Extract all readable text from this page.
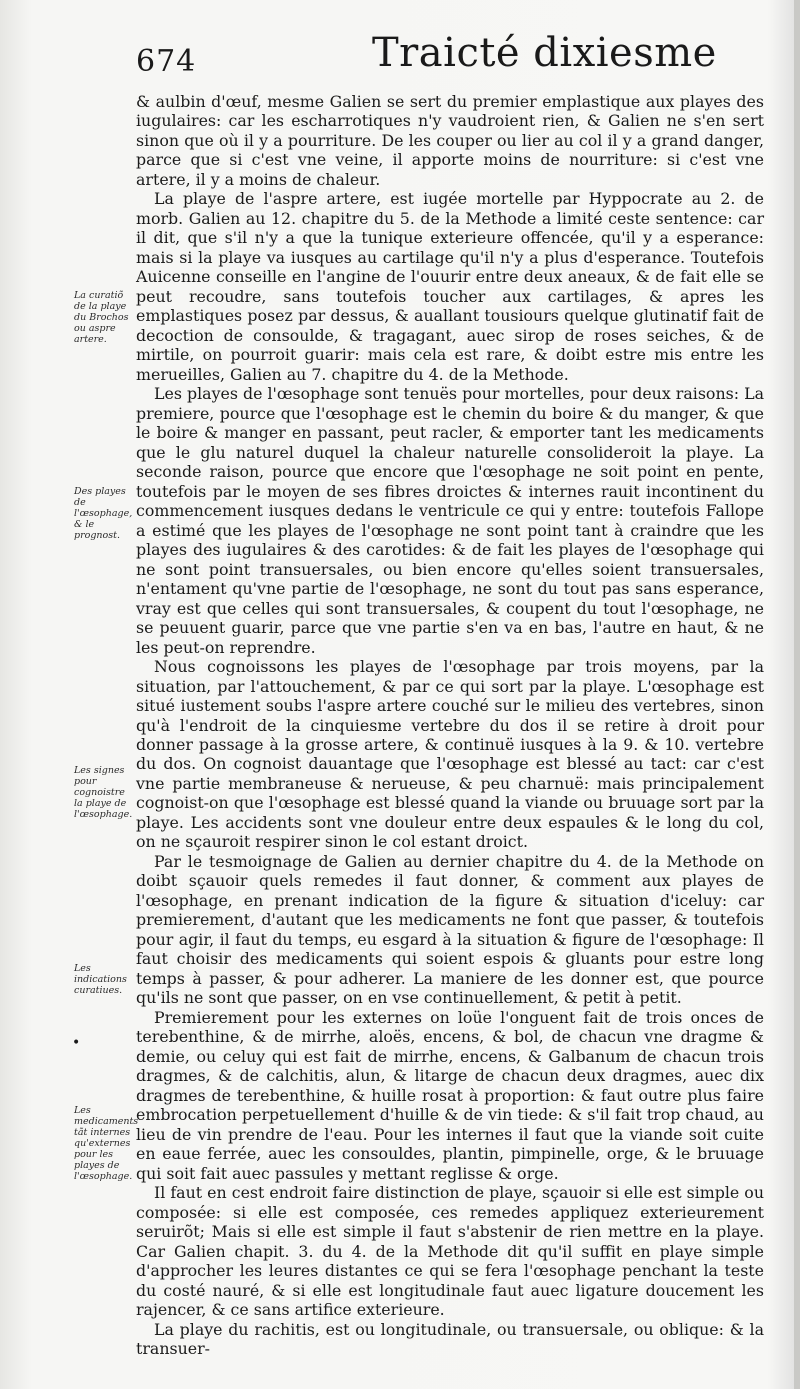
674	Traicté dixiesme

& aulbin d'œuf, mesme Galien se sert du premier emplastique aux playes des iugulaires: car les escharrotiques n'y vaudroient rien, & Galien ne s'en sert sinon que où il y a pourriture. De les couper ou lier au col il y a grand danger, parce que si c'est vne veine, il apporte moins de nourriture: si c'est vne artere, il y a moins de chaleur.

La playe de l'aspre artere, est iugée mortelle par Hyppocrate au 2. de morb. Galien au 12. chapitre du 5. de la Methode a limité ceste sentence: car il dit, que s'il n'y a que la tunique exterieure offencée, qu'il y a esperance: mais si la playe va iusques au cartilage qu'il n'y a plus d'esperance. Toutefois Auicenne conseille en l'angine de l'ouurir entre deux aneaux, & de fait elle se peut recoudre, sans toutefois toucher aux cartilages, & apres les emplastiques posez par dessus, & auallant tousiours quelque glutinatif fait de decoction de consoulde, & tragagant, auec sirop de roses seiches, & de mirtile, on pourroit guarir: mais cela est rare, & doibt estre mis entre les merueilles, Galien au 7. chapitre du 4. de la Methode.

Les playes de l'œsophage sont tenuës pour mortelles, pour deux raisons: La premiere, pource que l'œsophage est le chemin du boire & du manger, & que le boire & manger en passant, peut racler, & emporter tant les medicaments que le glu naturel duquel la chaleur naturelle consolideroit la playe. La seconde raison, pource que encore que l'œsophage ne soit point en pente, toutefois par le moyen de ses fibres droictes & internes rauit incontinent du commencement iusques dedans le ventricule ce qui y entre: toutefois Fallope a estimé que les playes de l'œsophage ne sont point tant à craindre que les playes des iugulaires & des carotides: & de fait les playes de l'œsophage qui ne sont point transuersales, ou bien encore qu'elles soient transuersales, n'entament qu'vne partie de l'œsophage, ne sont du tout pas sans esperance, vray est que celles qui sont transuersales, & coupent du tout l'œsophage, ne se peuuent guarir, parce que vne partie s'en va en bas, l'autre en haut, & ne les peut-on reprendre.

Nous cognoissons les playes de l'œsophage par trois moyens, par la situation, par l'attouchement, & par ce qui sort par la playe. L'œsophage est situé iustement soubs l'aspre artere couché sur le milieu des vertebres, sinon qu'à l'endroit de la cinquiesme vertebre du dos il se retire à droit pour donner passage à la grosse artere, & continuë iusques à la 9. & 10. vertebre du dos. On cognoist dauantage que l'œsophage est blessé au tact: car c'est vne partie membraneuse & nerueuse, & peu charnuë: mais principalement cognoist-on que l'œsophage est blessé quand la viande ou bruuage sort par la playe. Les accidents sont vne douleur entre deux espaules & le long du col, on ne sçauroit respirer sinon le col estant droict.

Par le tesmoignage de Galien au dernier chapitre du 4. de la Methode on doibt sçauoir quels remedes il faut donner, & comment aux playes de l'œsophage, en prenant indication de la figure & situation d'iceluy: car premierement, d'autant que les medicaments ne font que passer, & toutefois pour agir, il faut du temps, eu esgard à la situation & figure de l'œsophage: Il faut choisir des medicaments qui soient espois & gluants pour estre long temps à passer, & pour adherer. La maniere de les donner est, que pource qu'ils ne sont que passer, on en vse continuellement, & petit à petit.

Premierement pour les externes on loüe l'onguent fait de trois onces de terebenthine, & de mirrhe, aloës, encens, & bol, de chacun vne dragme & demie, ou celuy qui est fait de mirrhe, encens, & Galbanum de chacun trois dragmes, & de calchitis, alun, & litarge de chacun deux dragmes, auec dix dragmes de terebenthine, & huille rosat à proportion: & faut outre plus faire embrocation perpetuellement d'huille & de vin tiede: & s'il fait trop chaud, au lieu de vin prendre de l'eau. Pour les internes il faut que la viande soit cuite en eaue ferrée, auec les consouldes, plantin, pimpinelle, orge, & le bruuage qui soit fait auec passules y mettant reglisse & orge.

Il faut en cest endroit faire distinction de playe, sçauoir si elle est simple ou composée: si elle est composée, ces remedes appliquez exterieurement seruirõt; Mais si elle est simple il faut s'abstenir de rien mettre en la playe. Car Galien chapit. 3. du 4. de la Methode dit qu'il suffit en playe simple d'approcher les leures distantes ce qui se fera l'œsophage penchant la teste du costé nauré, & si elle est longitudinale faut auec ligature doucement les rajencer, & ce sans artifice exterieure.

La playe du rachitis, est ou longitudinale, ou transuersale, ou oblique: & la transuer-

La curatiõ de la playe du Brochos ou aspre artere.
Des playes de l'œsophage, & le prognost.
Les signes pour cognoistre la playe de l'œsophage.
Les indications curatiues.
Les medicaments tãt internes qu'externes pour les playes de l'œsophage.
•
